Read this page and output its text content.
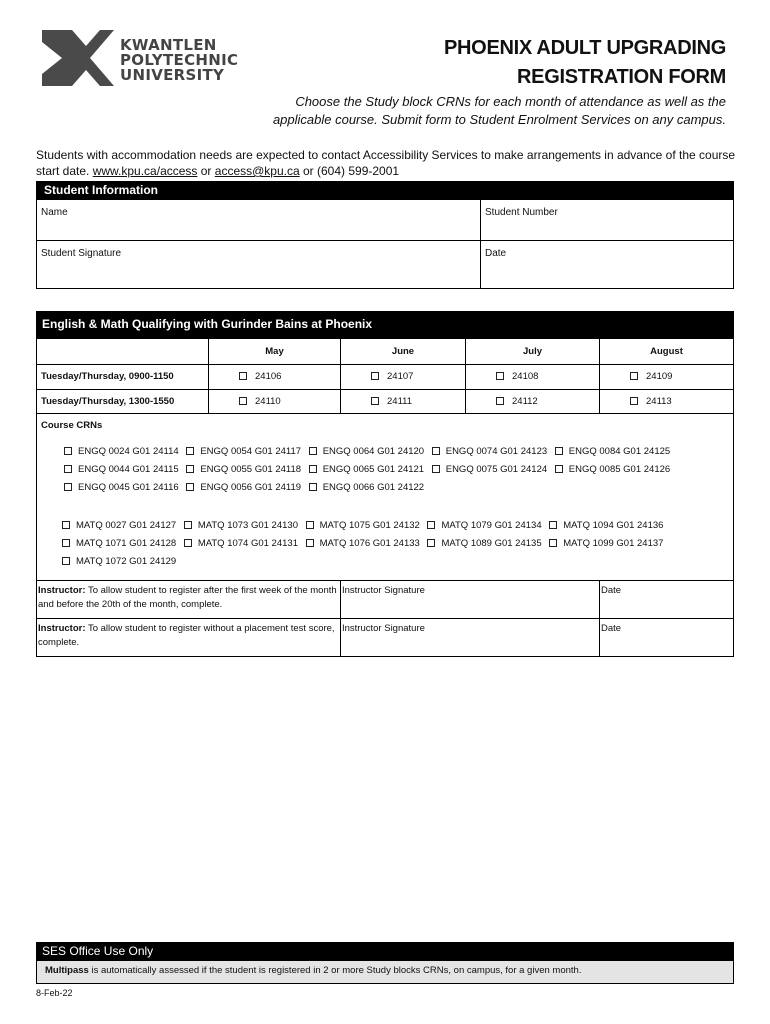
KWANTLEN
POLYTECHNIC
UNIVERSITY
PHOENIX ADULT UPGRADING
REGISTRATION FORM
Choose the Study block CRNs for each month of attendance as well as the
applicable course. Submit form to Student Enrolment Services on any campus.
Students with accommodation needs are expected to contact Accessibility Services to make arrangements in advance of the course start date. www.kpu.ca/access or access@kpu.ca or (604) 599-2001
Student Information
Name	Student Number
Student Signature	Date
English & Math Qualifying with Gurinder Bains at Phoenix
May	June	July	August
Tuesday/Thursday, 0900-1150	24106	24107	24108	24109
Tuesday/Thursday, 1300-1550	24110	24111	24112	24113
Course CRNs
ENGQ 0024 G01 24114 ENGQ 0054 G01 24117 ENGQ 0064 G01 24120 ENGQ 0074 G01 24123 ENGQ 0084 G01 24125
ENGQ 0044 G01 24115 ENGQ 0055 G01 24118 ENGQ 0065 G01 24121 ENGQ 0075 G01 24124 ENGQ 0085 G01 24126
ENGQ 0045 G01 24116 ENGQ 0056 G01 24119 ENGQ 0066 G01 24122
MATQ 0027 G01 24127 MATQ 1073 G01 24130 MATQ 1075 G01 24132 MATQ 1079 G01 24134 MATQ 1094 G01 24136
MATQ 1071 G01 24128 MATQ 1074 G01 24131 MATQ 1076 G01 24133 MATQ 1089 G01 24135 MATQ 1099 G01 24137
MATQ 1072 G01 24129
Instructor: To allow student to register after the first week of the month and before the 20th of the month, complete.
Instructor Signature	Date
Instructor: To allow student to register without a placement test score, complete.
Instructor Signature	Date
SES Office Use Only
Multipass is automatically assessed if the student is registered in 2 or more Study blocks CRNs, on campus, for a given month.
8-Feb-22
